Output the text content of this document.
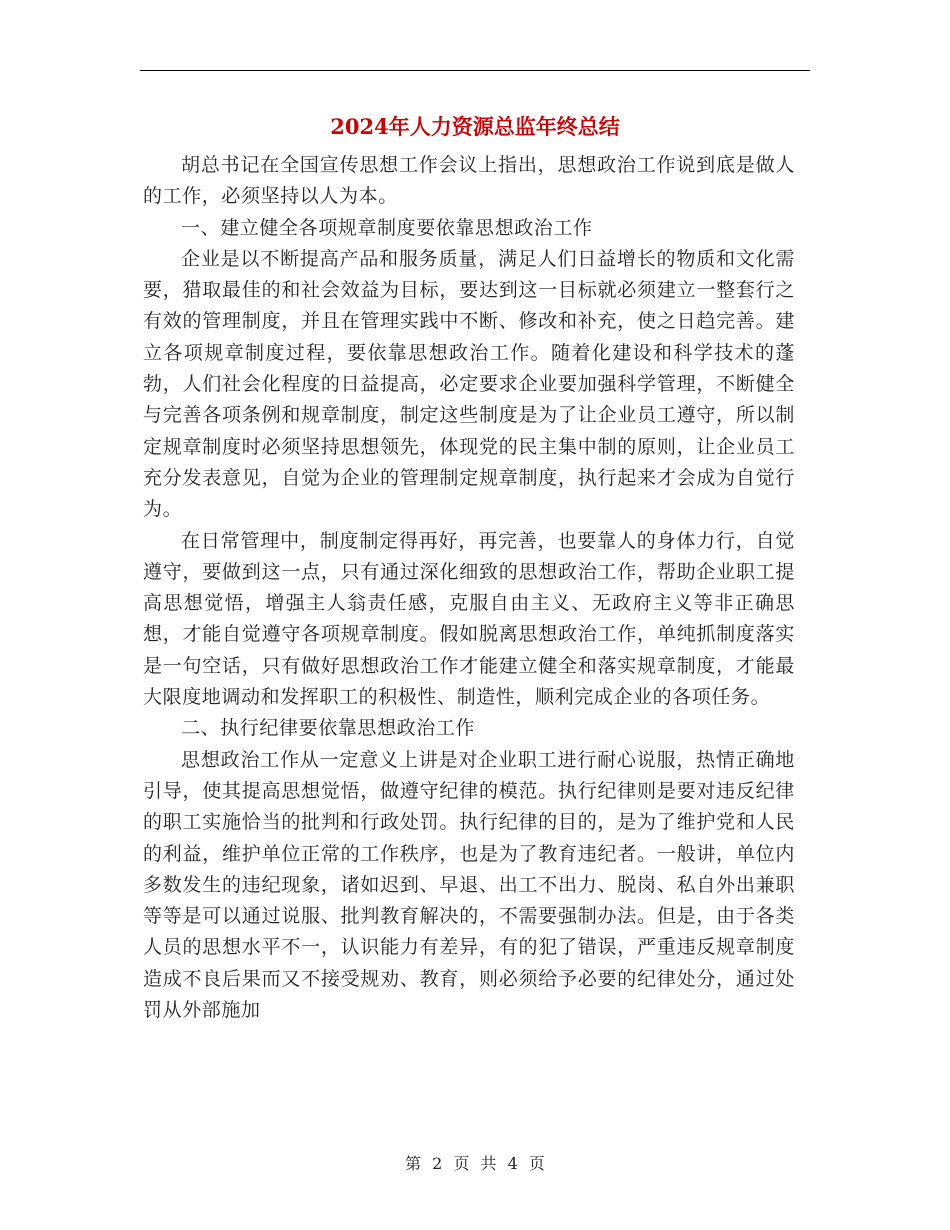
2024年人力资源总监年终总结

胡总书记在全国宣传思想工作会议上指出，思想政治工作说到底是做人的工作，必须坚持以人为本。

一、建立健全各项规章制度要依靠思想政治工作

企业是以不断提高产品和服务质量，满足人们日益增长的物质和文化需要，猎取最佳的和社会效益为目标，要达到这一目标就必须建立一整套行之有效的管理制度，并且在管理实践中不断、修改和补充，使之日趋完善。建立各项规章制度过程，要依靠思想政治工作。随着化建设和科学技术的蓬勃，人们社会化程度的日益提高，必定要求企业要加强科学管理，不断健全与完善各项条例和规章制度，制定这些制度是为了让企业员工遵守，所以制定规章制度时必须坚持思想领先，体现党的民主集中制的原则，让企业员工充分发表意见，自觉为企业的管理制定规章制度，执行起来才会成为自觉行为。

在日常管理中，制度制定得再好，再完善，也要靠人的身体力行，自觉遵守，要做到这一点，只有通过深化细致的思想政治工作，帮助企业职工提高思想觉悟，增强主人翁责任感，克服自由主义、无政府主义等非正确思想，才能自觉遵守各项规章制度。假如脱离思想政治工作，单纯抓制度落实是一句空话，只有做好思想政治工作才能建立健全和落实规章制度，才能最大限度地调动和发挥职工的积极性、制造性，顺利完成企业的各项任务。

二、执行纪律要依靠思想政治工作

思想政治工作从一定意义上讲是对企业职工进行耐心说服，热情正确地引导，使其提高思想觉悟，做遵守纪律的模范。执行纪律则是要对违反纪律的职工实施恰当的批判和行政处罚。执行纪律的目的，是为了维护党和人民的利益，维护单位正常的工作秩序，也是为了教育违纪者。一般讲，单位内多数发生的违纪现象，诸如迟到、早退、出工不出力、脱岗、私自外出兼职等等是可以通过说服、批判教育解决的，不需要强制办法。但是，由于各类人员的思想水平不一，认识能力有差异，有的犯了错误，严重违反规章制度造成不良后果而又不接受规劝、教育，则必须给予必要的纪律处分，通过处罚从外部施加

第 2 页 共 4 页
